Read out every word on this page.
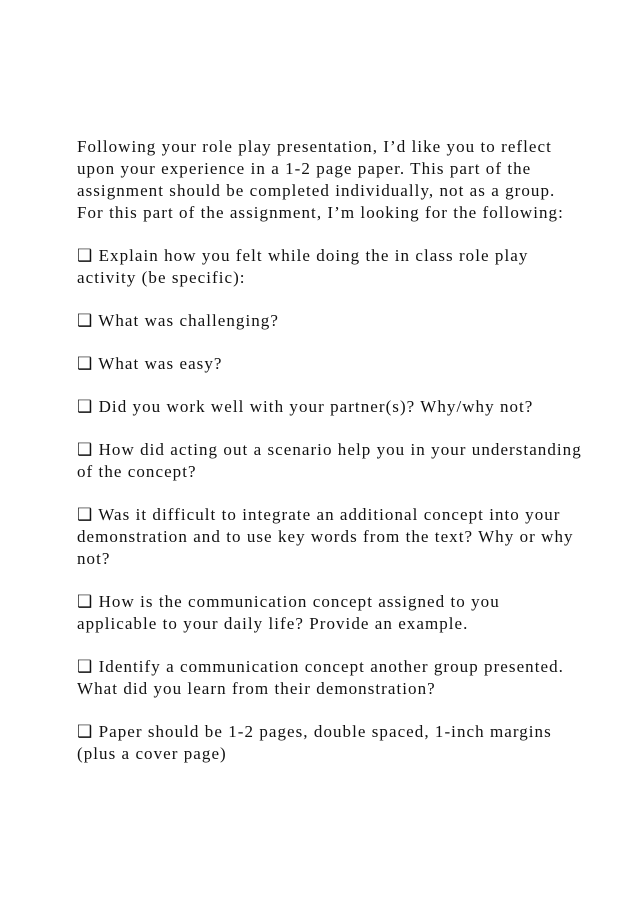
Following your role play presentation, I’d like you to reflect
upon your experience in a 1-2 page paper. This part of the
assignment should be completed individually, not as a group.
For this part of the assignment, I’m looking for the following:

❑ Explain how you felt while doing the in class role play
activity (be specific):

❑ What was challenging?

❑ What was easy?

❑ Did you work well with your partner(s)? Why/why not?

❑ How did acting out a scenario help you in your understanding
of the concept?

❑ Was it difficult to integrate an additional concept into your
demonstration and to use key words from the text? Why or why
not?

❑ How is the communication concept assigned to you
applicable to your daily life? Provide an example.

❑ Identify a communication concept another group presented.
What did you learn from their demonstration?

❑ Paper should be 1-2 pages, double spaced, 1-inch margins
(plus a cover page)
